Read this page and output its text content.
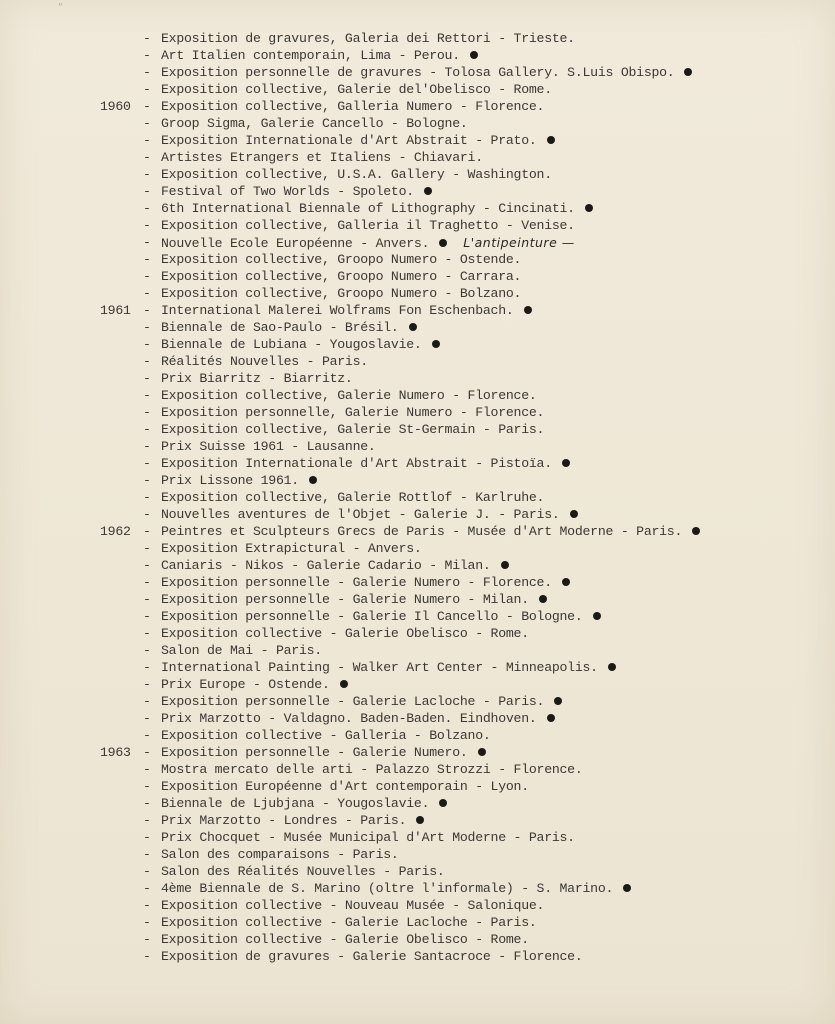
"
- Exposition de gravures, Galeria dei Rettori - Trieste.
- Art Italien contemporain, Lima - Perou.
- Exposition personnelle de gravures - Tolosa Gallery. S.Luis Obispo.
- Exposition collective, Galerie del'Obelisco - Rome.
1960 - Exposition collective, Galleria Numero - Florence.
- Groop Sigma, Galerie Cancello - Bologne.
- Exposition Internationale d'Art Abstrait - Prato.
- Artistes Etrangers et Italiens - Chiavari.
- Exposition collective, U.S.A. Gallery - Washington.
- Festival of Two Worlds - Spoleto.
- 6th International Biennale of Lithography - Cincinati.
- Exposition collective, Galleria il Traghetto - Venise.
- Nouvelle Ecole Européenne - Anvers.	L'antipeinture —
- Exposition collective, Groopo Numero - Ostende.
- Exposition collective, Groopo Numero - Carrara.
- Exposition collective, Groopo Numero - Bolzano.
1961 - International Malerei Wolframs Fon Eschenbach.
- Biennale de Sao-Paulo - Brésil.
- Biennale de Lubiana - Yougoslavie.
- Réalités Nouvelles - Paris.
- Prix Biarritz - Biarritz.
- Exposition collective, Galerie Numero - Florence.
- Exposition personnelle, Galerie Numero - Florence.
- Exposition collective, Galerie St-Germain - Paris.
- Prix Suisse 1961 - Lausanne.
- Exposition Internationale d'Art Abstrait - Pistoïa.
- Prix Lissone 1961.
- Exposition collective, Galerie Rottlof - Karlruhe.
- Nouvelles aventures de l'Objet - Galerie J. - Paris.
1962 - Peintres et Sculpteurs Grecs de Paris - Musée d'Art Moderne - Paris.
- Exposition Extrapictural - Anvers.
- Caniaris - Nikos - Galerie Cadario - Milan.
- Exposition personnelle - Galerie Numero - Florence.
- Exposition personnelle - Galerie Numero - Milan.
- Exposition personnelle - Galerie Il Cancello - Bologne.
- Exposition collective - Galerie Obelisco - Rome.
- Salon de Mai - Paris.
- International Painting - Walker Art Center - Minneapolis.
- Prix Europe - Ostende.
- Exposition personnelle - Galerie Lacloche - Paris.
- Prix Marzotto - Valdagno. Baden-Baden. Eindhoven.
- Exposition collective - Galleria - Bolzano.
1963 - Exposition personnelle - Galerie Numero.
- Mostra mercato delle arti - Palazzo Strozzi - Florence.
- Exposition Européenne d'Art contemporain - Lyon.
- Biennale de Ljubjana - Yougoslavie.
- Prix Marzotto - Londres - Paris.
- Prix Chocquet - Musée Municipal d'Art Moderne - Paris.
- Salon des comparaisons - Paris.
- Salon des Réalités Nouvelles - Paris.
- 4ème Biennale de S. Marino (oltre l'informale) - S. Marino.
- Exposition collective - Nouveau Musée - Salonique.
- Exposition collective - Galerie Lacloche - Paris.
- Exposition collective - Galerie Obelisco - Rome.
- Exposition de gravures - Galerie Santacroce - Florence.
